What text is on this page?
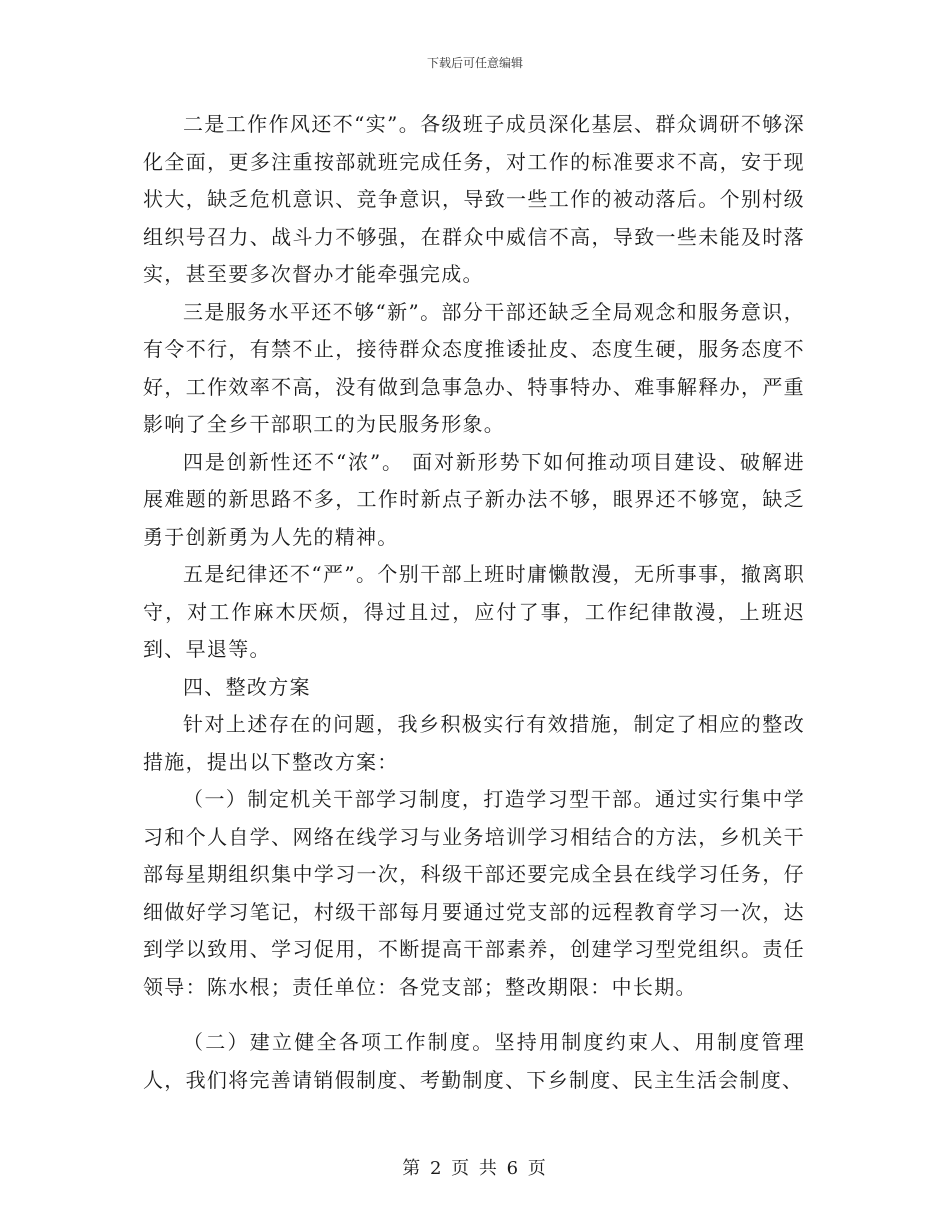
下载后可任意编辑

二是工作作风还不“实”。各级班子成员深化基层、群众调研不够深化全面，更多注重按部就班完成任务，对工作的标准要求不高，安于现状大，缺乏危机意识、竞争意识，导致一些工作的被动落后。个别村级组织号召力、战斗力不够强，在群众中威信不高，导致一些未能及时落实，甚至要多次督办才能牵强完成。

三是服务水平还不够“新”。部分干部还缺乏全局观念和服务意识，有令不行，有禁不止，接待群众态度推诿扯皮、态度生硬，服务态度不好，工作效率不高，没有做到急事急办、特事特办、难事解释办，严重影响了全乡干部职工的为民服务形象。

四是创新性还不“浓”。 面对新形势下如何推动项目建设、破解进展难题的新思路不多，工作时新点子新办法不够，眼界还不够宽，缺乏勇于创新勇为人先的精神。

五是纪律还不“严”。个别干部上班时庸懒散漫，无所事事，撤离职守，对工作麻木厌烦，得过且过，应付了事，工作纪律散漫，上班迟到、早退等。

四、整改方案

针对上述存在的问题，我乡积极实行有效措施，制定了相应的整改措施，提出以下整改方案：

（一）制定机关干部学习制度，打造学习型干部。通过实行集中学习和个人自学、网络在线学习与业务培训学习相结合的方法，乡机关干部每星期组织集中学习一次，科级干部还要完成全县在线学习任务，仔细做好学习笔记，村级干部每月要通过党支部的远程教育学习一次，达到学以致用、学习促用，不断提高干部素养，创建学习型党组织。责任领导：陈水根；责任单位：各党支部；整改期限：中长期。

（二）建立健全各项工作制度。坚持用制度约束人、用制度管理人，我们将完善请销假制度、考勤制度、下乡制度、民主生活会制度、

第 2 页 共 6 页
